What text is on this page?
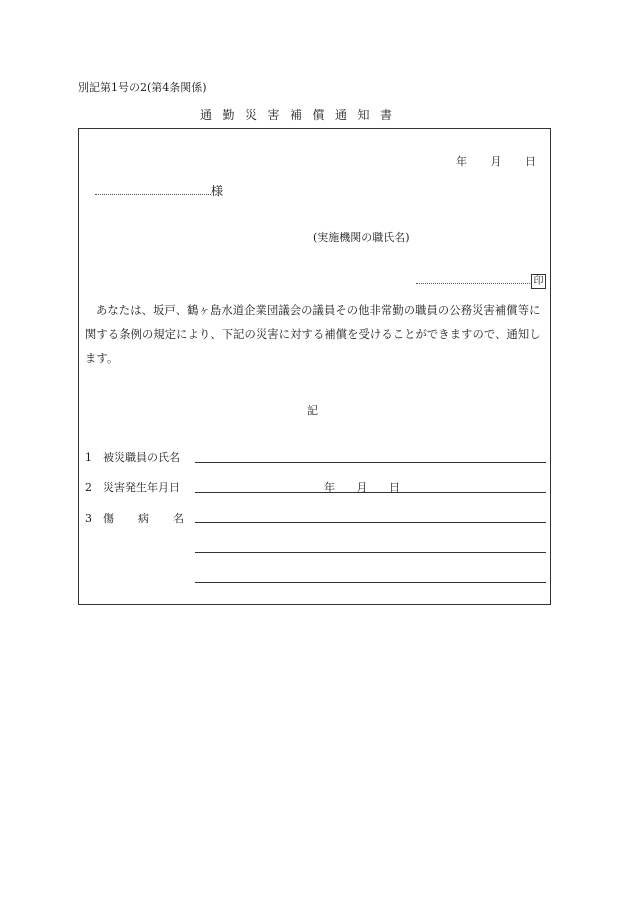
別記第1号の2(第4条関係)
通勤災害補償通知書
年 月 日
様
(実施機関の職氏名)
印
あなたは、坂戸、鶴ヶ島水道企業団議会の議員その他非常勤の職員の公務災害補償等に関する条例の規定により、下記の災害に対する補償を受けることができますので、通知します。
記
1 被災職員の氏名
2 災害発生年月日	年 月 日
3 傷病名
